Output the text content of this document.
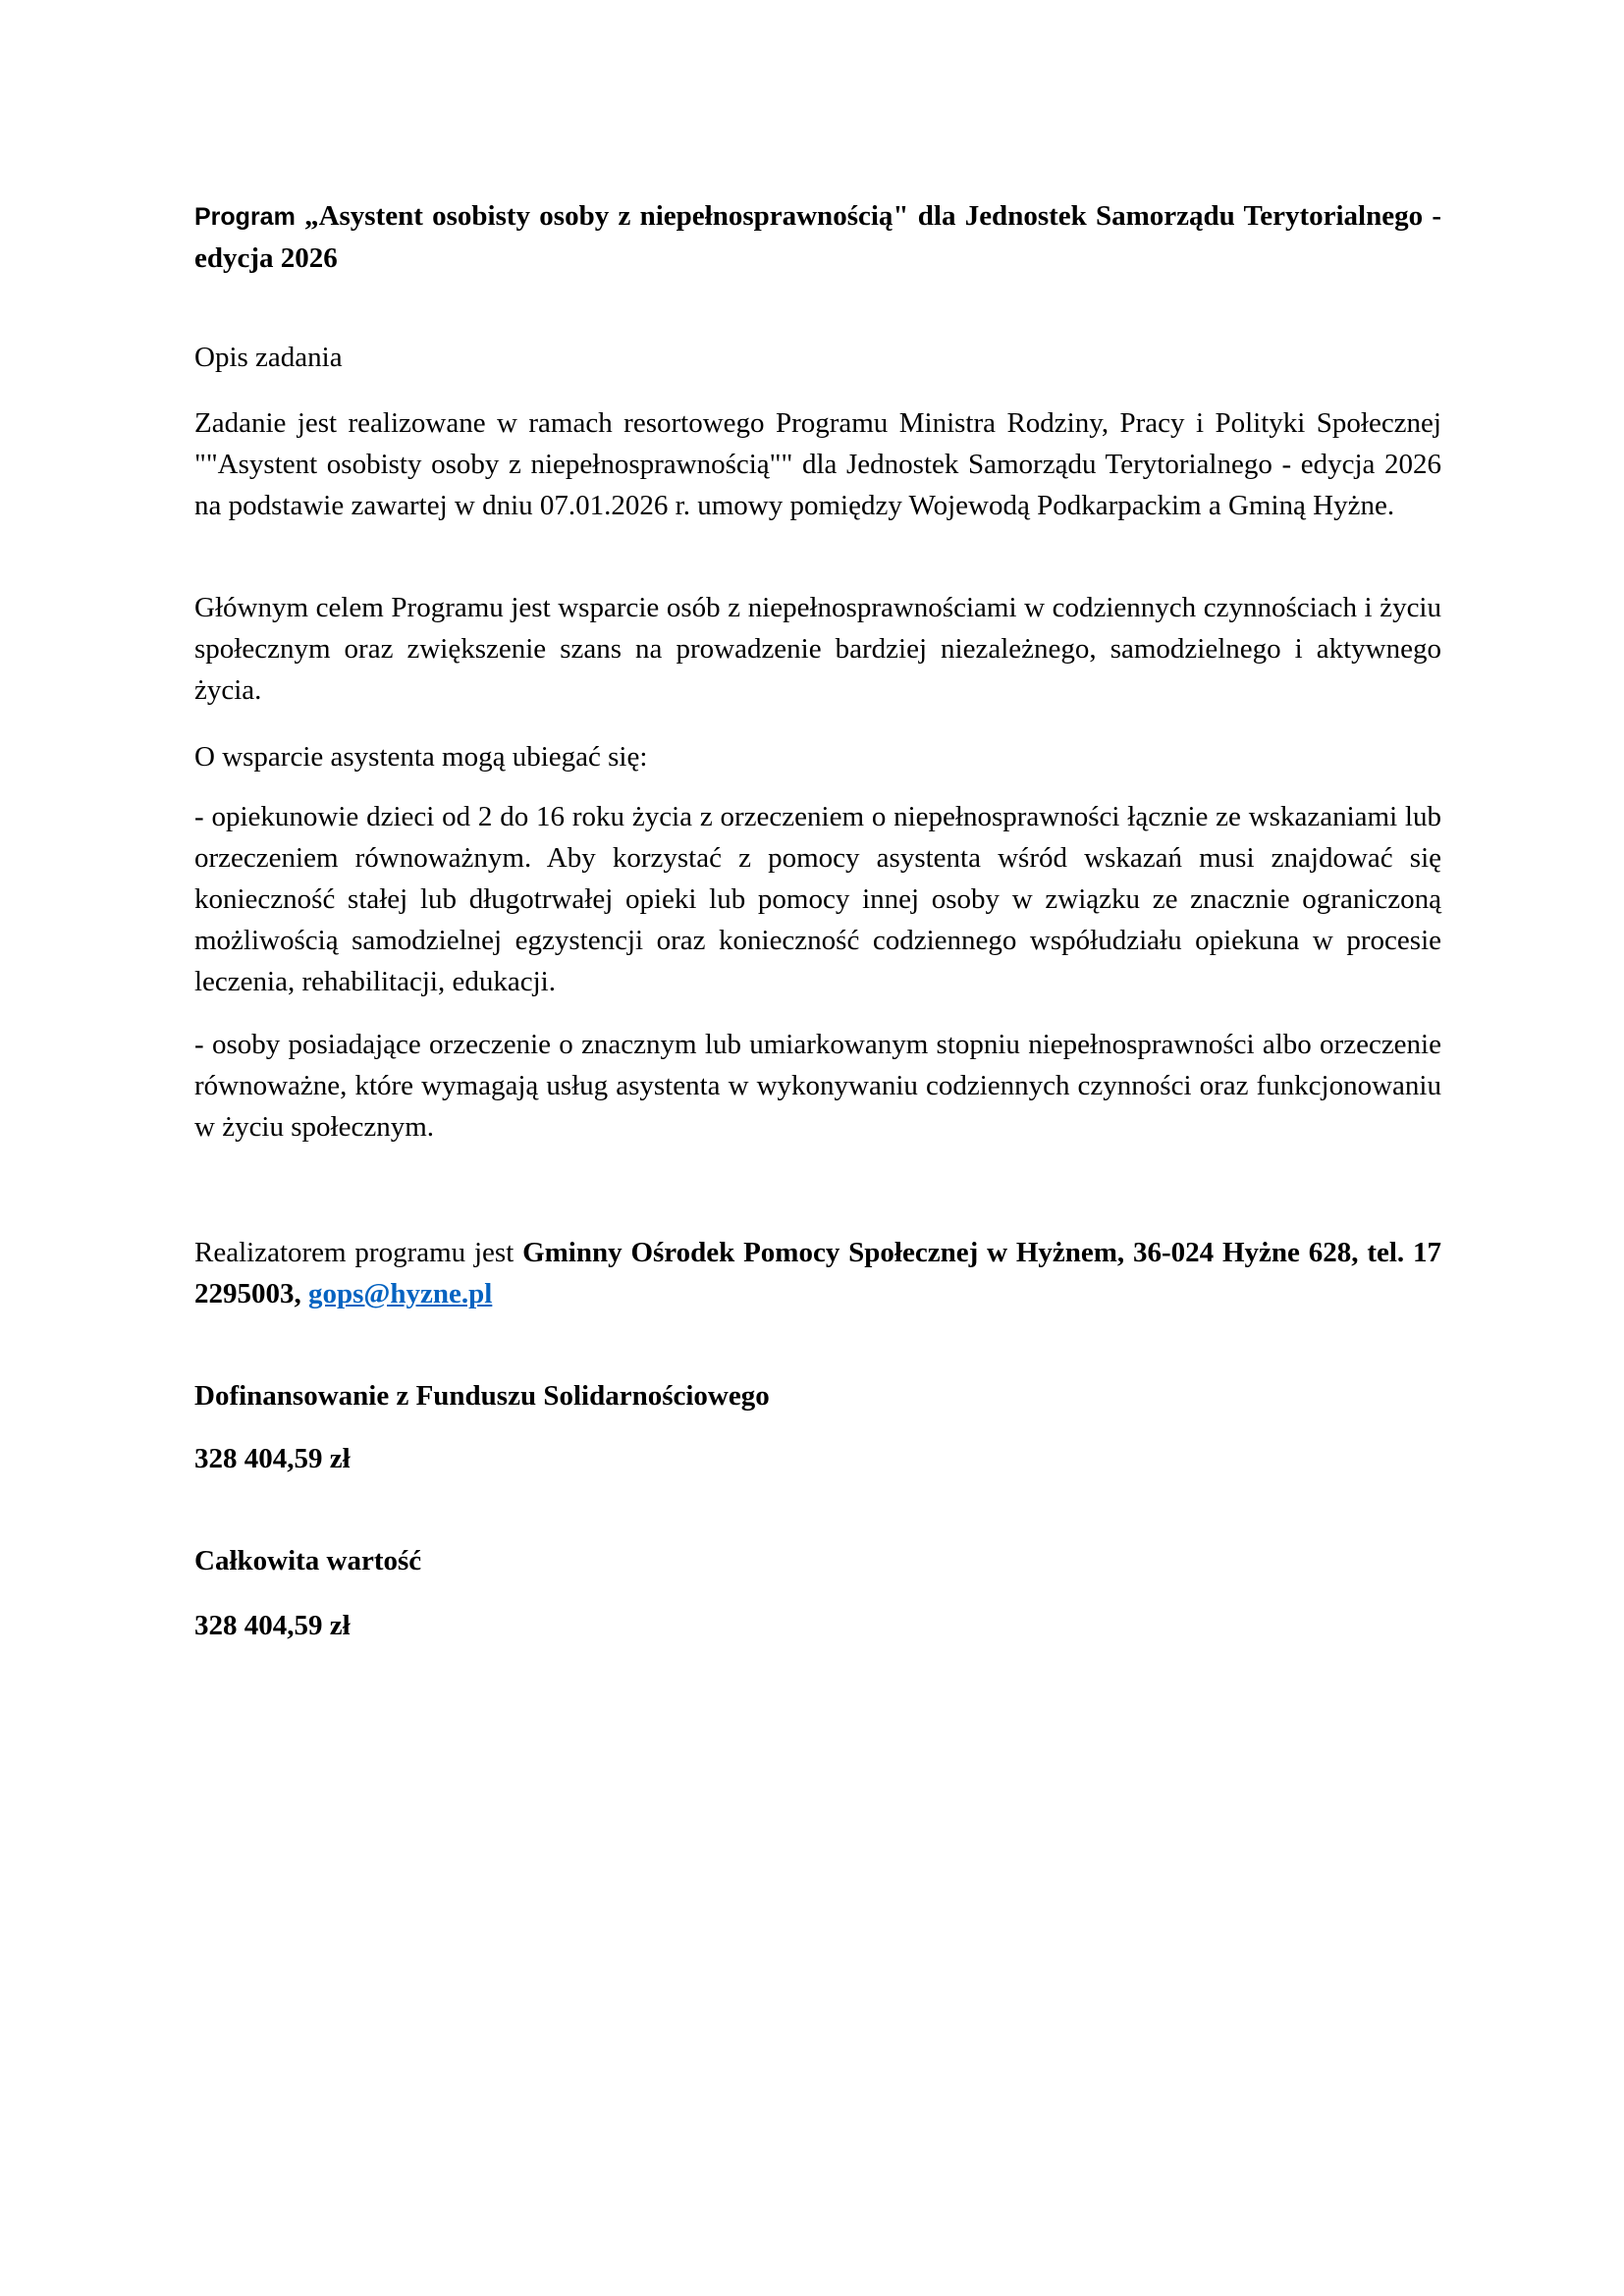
Program „Asystent osobisty osoby z niepełnosprawnością" dla Jednostek Samorządu Terytorialnego - edycja 2026

Opis zadania

Zadanie jest realizowane w ramach resortowego Programu Ministra Rodziny, Pracy i Polityki Społecznej ""Asystent osobisty osoby z niepełnosprawnością"" dla Jednostek Samorządu Terytorialnego - edycja 2026 na podstawie zawartej w dniu 07.01.2026 r. umowy pomiędzy Wojewodą Podkarpackim a Gminą Hyżne.

Głównym celem Programu jest wsparcie osób z niepełnosprawnościami w codziennych czynnościach i życiu społecznym oraz zwiększenie szans na prowadzenie bardziej niezależnego, samodzielnego i aktywnego życia.

O wsparcie asystenta mogą ubiegać się:

- opiekunowie dzieci od 2 do 16 roku życia z orzeczeniem o niepełnosprawności łącznie ze wskazaniami lub orzeczeniem równoważnym. Aby korzystać z pomocy asystenta wśród wskazań musi znajdować się konieczność stałej lub długotrwałej opieki lub pomocy innej osoby w związku ze znacznie ograniczoną możliwością samodzielnej egzystencji oraz konieczność codziennego współudziału opiekuna w procesie leczenia, rehabilitacji, edukacji.

- osoby posiadające orzeczenie o znacznym lub umiarkowanym stopniu niepełnosprawności albo orzeczenie równoważne, które wymagają usług asystenta w wykonywaniu codziennych czynności oraz funkcjonowaniu w życiu społecznym.

Realizatorem programu jest Gminny Ośrodek Pomocy Społecznej w Hyżnem, 36-024 Hyżne 628, tel. 17 2295003, gops@hyzne.pl

Dofinansowanie z Funduszu Solidarnościowego

328 404,59 zł

Całkowita wartość

328 404,59 zł
